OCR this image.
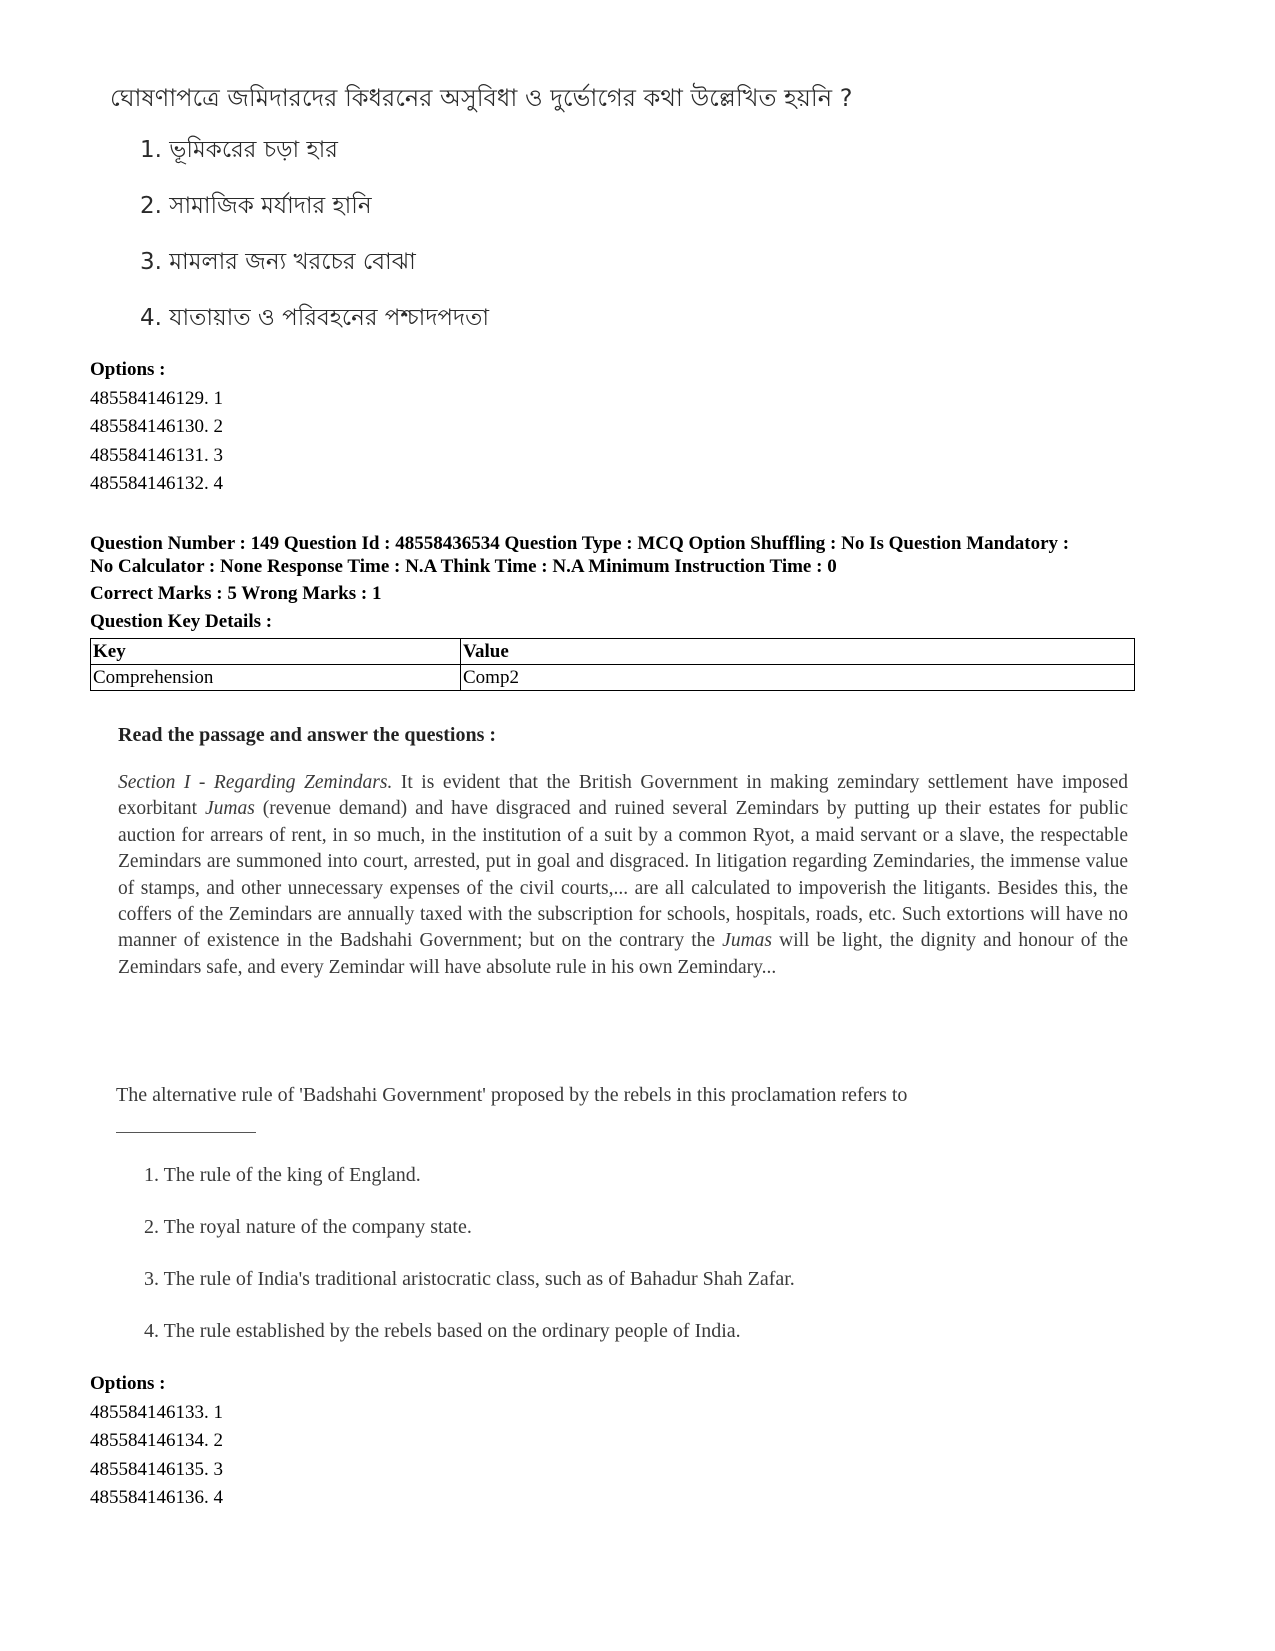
ঘোষণাপত্রে জমিদারদের কিধরনের অসুবিধা ও দুর্ভোগের কথা উল্লেখিত হয়নি ?

1. ভূমিকরের চড়া হার
2. সামাজিক মর্যাদার হানি
3. মামলার জন্য খরচের বোঝা
4. যাতায়াত ও পরিবহনের পশ্চাদপদতা
Options :
485584146129. 1
485584146130. 2
485584146131. 3
485584146132. 4
Question Number : 149 Question Id : 48558436534 Question Type : MCQ Option Shuffling : No Is Question Mandatory :
No Calculator : None Response Time : N.A Think Time : N.A Minimum Instruction Time : 0
Correct Marks : 5 Wrong Marks : 1
Question Key Details :
Key	Value
Comprehension	Comp2

Read the passage and answer the questions :

Section I - Regarding Zemindars. It is evident that the British Government in making zemindary settlement have imposed exorbitant Jumas (revenue demand) and have disgraced and ruined several Zemindars by putting up their estates for public auction for arrears of rent, in so much, in the institution of a suit by a common Ryot, a maid servant or a slave, the respectable Zemindars are summoned into court, arrested, put in goal and disgraced. In litigation regarding Zemindaries, the immense value of stamps, and other unnecessary expenses of the civil courts,... are all calculated to impoverish the litigants. Besides this, the coffers of the Zemindars are annually taxed with the subscription for schools, hospitals, roads, etc. Such extortions will have no manner of existence in the Badshahi Government; but on the contrary the Jumas will be light, the dignity and honour of the Zemindars safe, and every Zemindar will have absolute rule in his own Zemindary...

The alternative rule of 'Badshahi Government' proposed by the rebels in this proclamation refers to
1. The rule of the king of England.
2. The royal nature of the company state.
3. The rule of India's traditional aristocratic class, such as of Bahadur Shah Zafar.
4. The rule established by the rebels based on the ordinary people of India.
Options :
485584146133. 1
485584146134. 2
485584146135. 3
485584146136. 4
